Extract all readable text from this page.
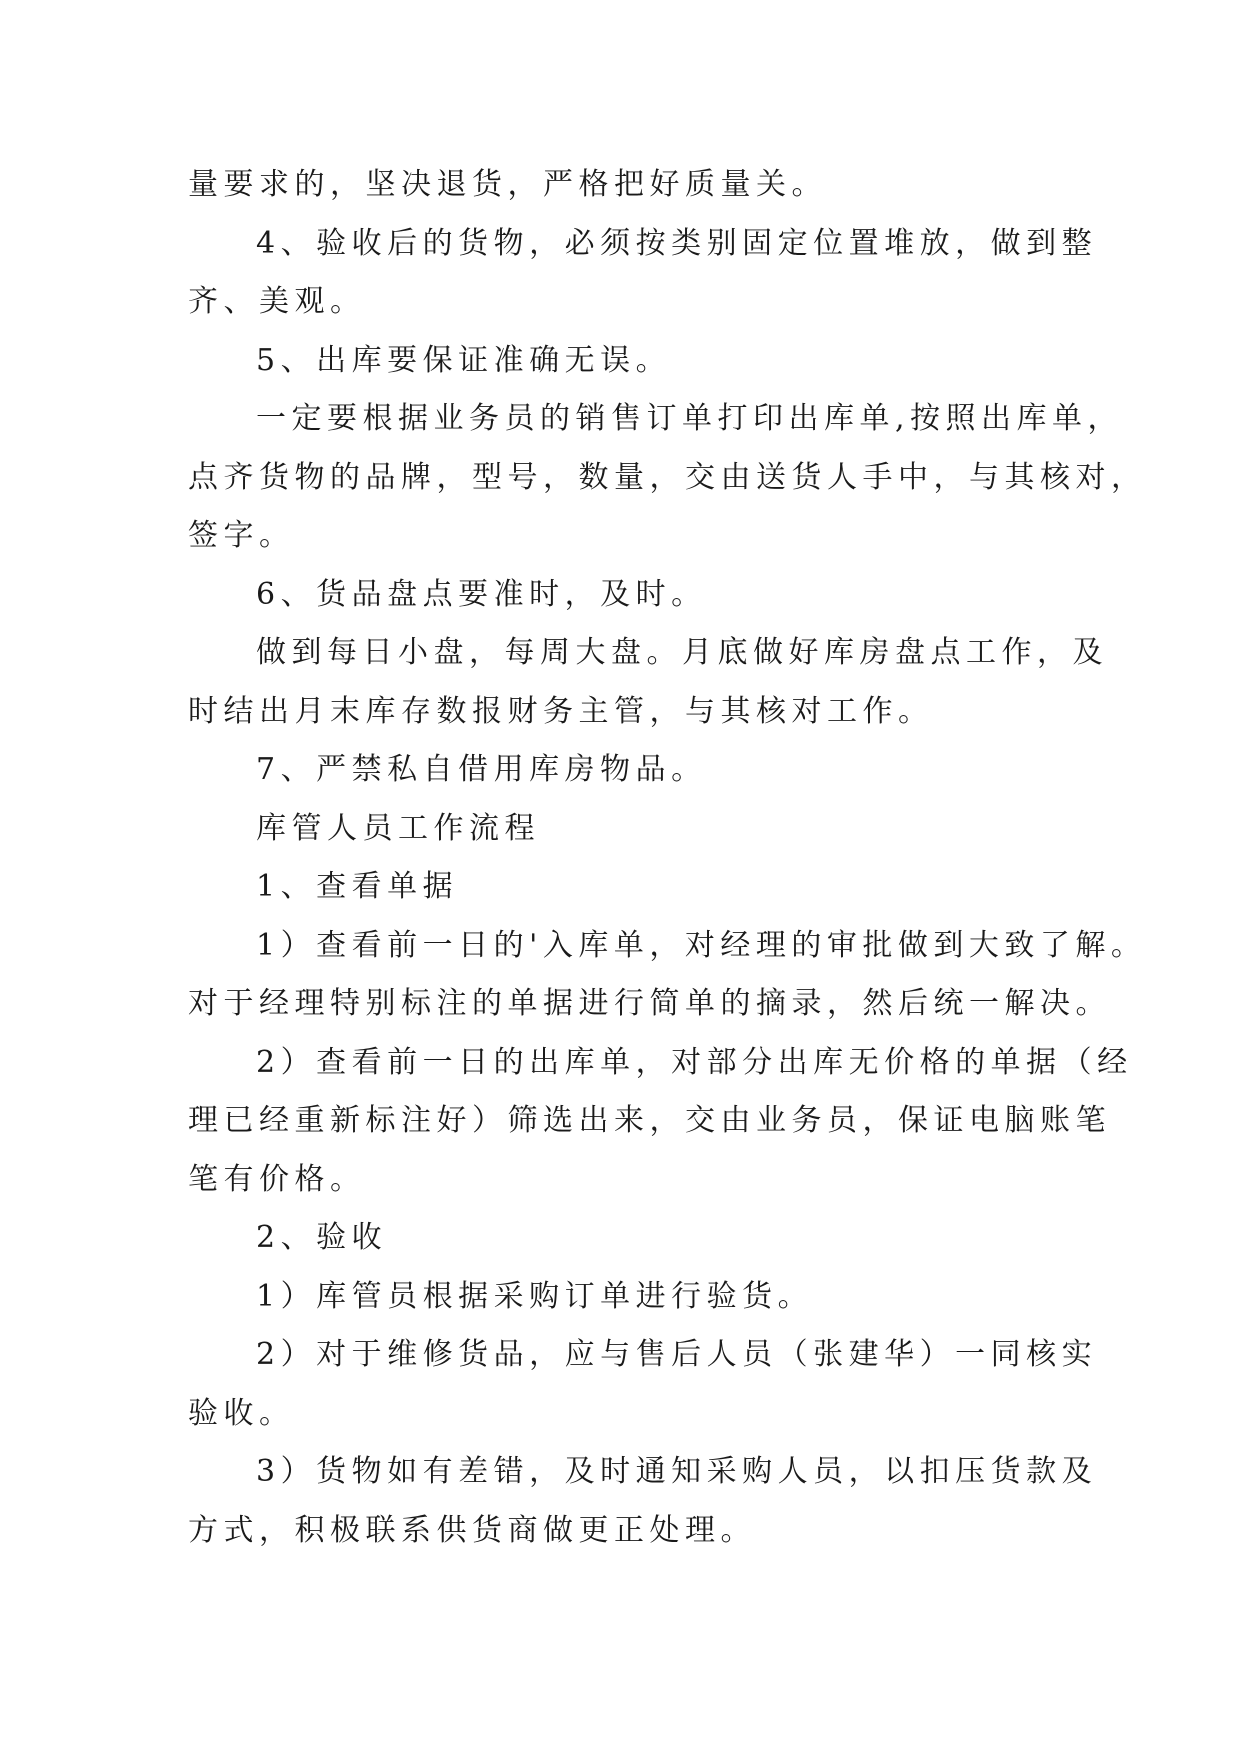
量要求的，坚决退货，严格把好质量关。
4、验收后的货物，必须按类别固定位置堆放，做到整
齐、美观。
5、出库要保证准确无误。
一定要根据业务员的销售订单打印出库单,按照出库单，
点齐货物的品牌，型号，数量，交由送货人手中，与其核对，
签字。
6、货品盘点要准时，及时。
做到每日小盘，每周大盘。月底做好库房盘点工作，及
时结出月末库存数报财务主管，与其核对工作。
7、严禁私自借用库房物品。
库管人员工作流程
1、查看单据
1）查看前一日的'入库单，对经理的审批做到大致了解。
对于经理特别标注的单据进行简单的摘录，然后统一解决。
2）查看前一日的出库单，对部分出库无价格的单据（经
理已经重新标注好）筛选出来，交由业务员，保证电脑账笔
笔有价格。
2、验收
1）库管员根据采购订单进行验货。
2）对于维修货品，应与售后人员（张建华）一同核实
验收。
3）货物如有差错，及时通知采购人员，以扣压货款及
方式，积极联系供货商做更正处理。
